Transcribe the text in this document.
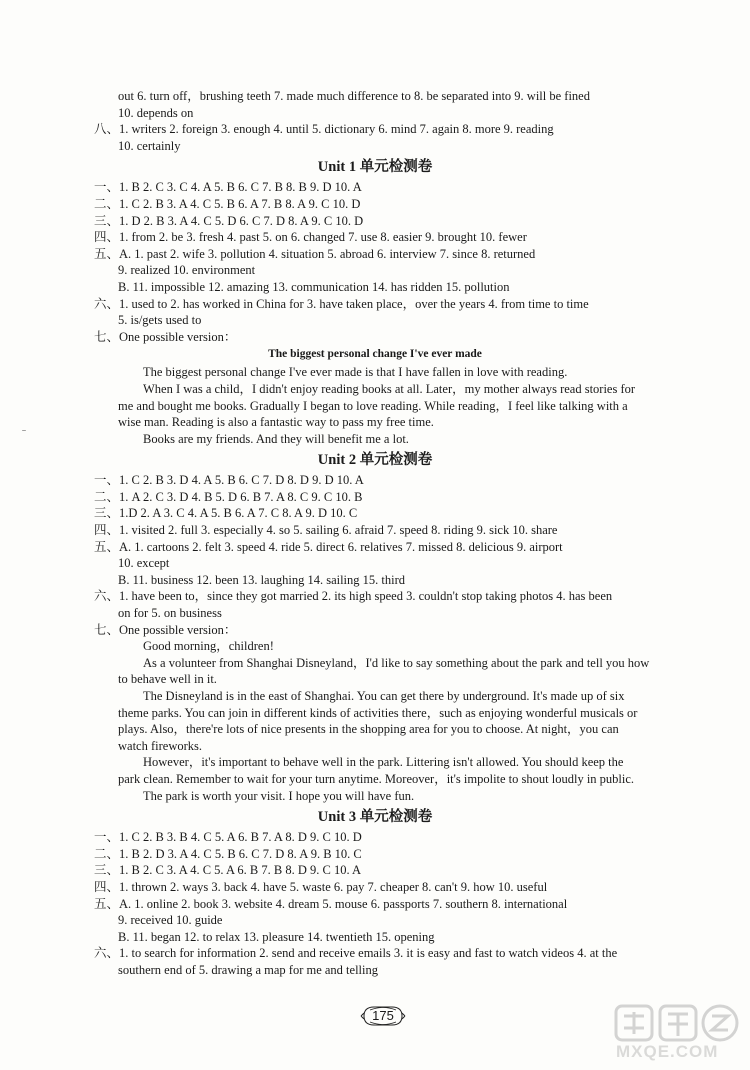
out 6. turn off，brushing teeth 7. made much difference to 8. be separated into 9. will be fined
10. depends on
八、1. writers 2. foreign 3. enough 4. until 5. dictionary 6. mind 7. again 8. more 9. reading
10. certainly
Unit 1 单元检测卷
一、1. B 2. C 3. C 4. A 5. B 6. C 7. B 8. B 9. D 10. A
二、1. C 2. B 3. A 4. C 5. B 6. A 7. B 8. A 9. C 10. D
三、1. D 2. B 3. A 4. C 5. D 6. C 7. D 8. A 9. C 10. D
四、1. from 2. be 3. fresh 4. past 5. on 6. changed 7. use 8. easier 9. brought 10. fewer
五、A. 1. past 2. wife 3. pollution 4. situation 5. abroad 6. interview 7. since 8. returned
9. realized 10. environment
B. 11. impossible 12. amazing 13. communication 14. has ridden 15. pollution
六、1. used to 2. has worked in China for 3. have taken place，over the years 4. from time to time
5. is/gets used to
七、One possible version：
The biggest personal change I've ever made
The biggest personal change I've ever made is that I have fallen in love with reading.
When I was a child，I didn't enjoy reading books at all. Later，my mother always read stories for
me and bought me books. Gradually I began to love reading. While reading，I feel like talking with a
wise man. Reading is also a fantastic way to pass my free time.
Books are my friends. And they will benefit me a lot.
Unit 2 单元检测卷
一、1. C 2. B 3. D 4. A 5. B 6. C 7. D 8. D 9. D 10. A
二、1. A 2. C 3. D 4. B 5. D 6. B 7. A 8. C 9. C 10. B
三、1.D 2. A 3. C 4. A 5. B 6. A 7. C 8. A 9. D 10. C
四、1. visited 2. full 3. especially 4. so 5. sailing 6. afraid 7. speed 8. riding 9. sick 10. share
五、A. 1. cartoons 2. felt 3. speed 4. ride 5. direct 6. relatives 7. missed 8. delicious 9. airport
10. except
B. 11. business 12. been 13. laughing 14. sailing 15. third
六、1. have been to，since they got married 2. its high speed 3. couldn't stop taking photos 4. has been
on for 5. on business
七、One possible version：
Good morning，children!
As a volunteer from Shanghai Disneyland，I'd like to say something about the park and tell you how
to behave well in it.
The Disneyland is in the east of Shanghai. You can get there by underground. It's made up of six
theme parks. You can join in different kinds of activities there，such as enjoying wonderful musicals or
plays. Also，there're lots of nice presents in the shopping area for you to choose. At night，you can
watch fireworks.
However，it's important to behave well in the park. Littering isn't allowed. You should keep the
park clean. Remember to wait for your turn anytime. Moreover，it's impolite to shout loudly in public.
The park is worth your visit. I hope you will have fun.
Unit 3 单元检测卷
一、1. C 2. B 3. B 4. C 5. A 6. B 7. A 8. D 9. C 10. D
二、1. B 2. D 3. A 4. C 5. B 6. C 7. D 8. A 9. B 10. C
三、1. B 2. C 3. A 4. C 5. A 6. B 7. B 8. D 9. C 10. A
四、1. thrown 2. ways 3. back 4. have 5. waste 6. pay 7. cheaper 8. can't 9. how 10. useful
五、A. 1. online 2. book 3. website 4. dream 5. mouse 6. passports 7. southern 8. international
9. received 10. guide
B. 11. began 12. to relax 13. pleasure 14. twentieth 15. opening
六、1. to search for information 2. send and receive emails 3. it is easy and fast to watch videos 4. at the
southern end of 5. drawing a map for me and telling
ˉ
175
MXQE.COM
